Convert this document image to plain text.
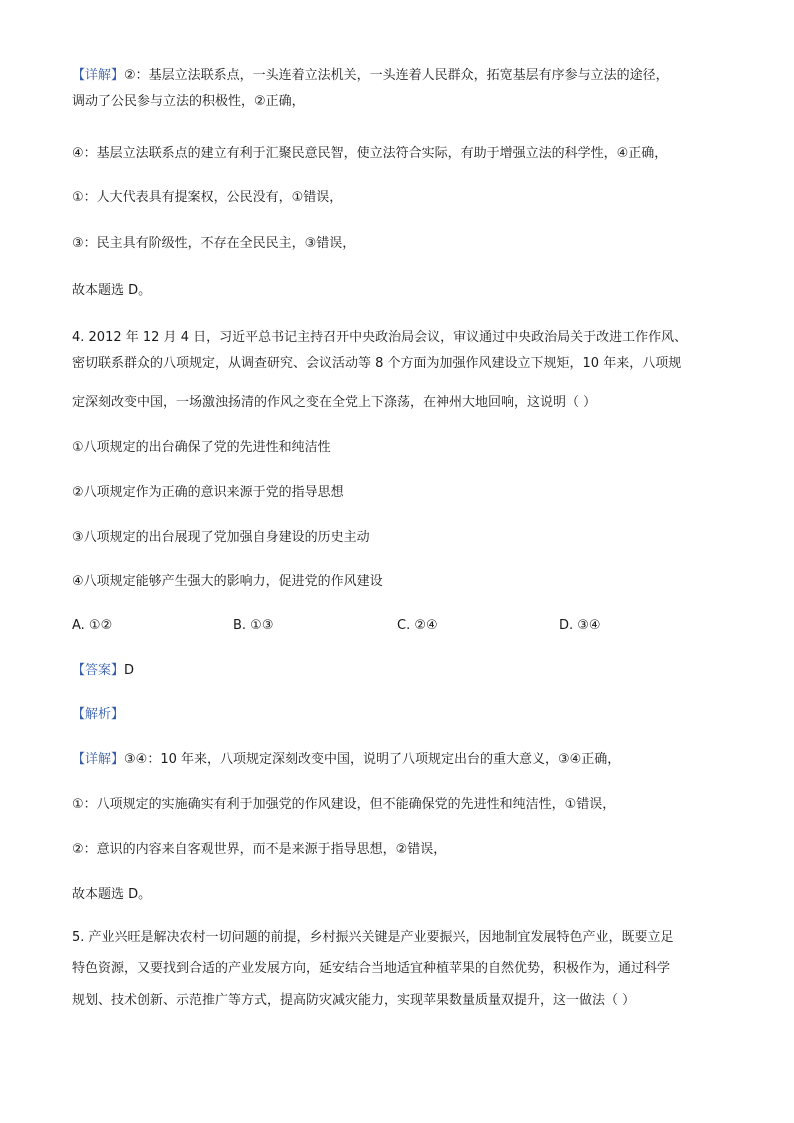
【详解】②：基层立法联系点，一头连着立法机关，一头连着人民群众，拓宽基层有序参与立法的途径，
调动了公民参与立法的积极性，②正确，
④：基层立法联系点的建立有利于汇聚民意民智，使立法符合实际，有助于增强立法的科学性，④正确，
①：人大代表具有提案权，公民没有，①错误，
③：民主具有阶级性，不存在全民民主，③错误，
故本题选 D。
4. 2012 年 12 月 4 日，习近平总书记主持召开中央政治局会议，审议通过中央政治局关于改进工作作风、
密切联系群众的八项规定，从调查研究、会议活动等 8 个方面为加强作风建设立下规矩，10 年来，八项规
定深刻改变中国，一场激浊扬清的作风之变在全党上下涤荡，在神州大地回响，这说明（ ）
①八项规定的出台确保了党的先进性和纯洁性
②八项规定作为正确的意识来源于党的指导思想
③八项规定的出台展现了党加强自身建设的历史主动
④八项规定能够产生强大的影响力，促进党的作风建设
A. ①②	B. ①③	C. ②④	D. ③④
【答案】D
【解析】
【详解】③④：10 年来，八项规定深刻改变中国，说明了八项规定出台的重大意义，③④正确，
①：八项规定的实施确实有利于加强党的作风建设，但不能确保党的先进性和纯洁性，①错误，
②：意识的内容来自客观世界，而不是来源于指导思想，②错误，
故本题选 D。
5. 产业兴旺是解决农村一切问题的前提，乡村振兴关键是产业要振兴，因地制宜发展特色产业，既要立足
特色资源，又要找到合适的产业发展方向，延安结合当地适宜种植苹果的自然优势，积极作为，通过科学
规划、技术创新、示范推广等方式，提高防灾减灾能力，实现苹果数量质量双提升，这一做法（ ）
